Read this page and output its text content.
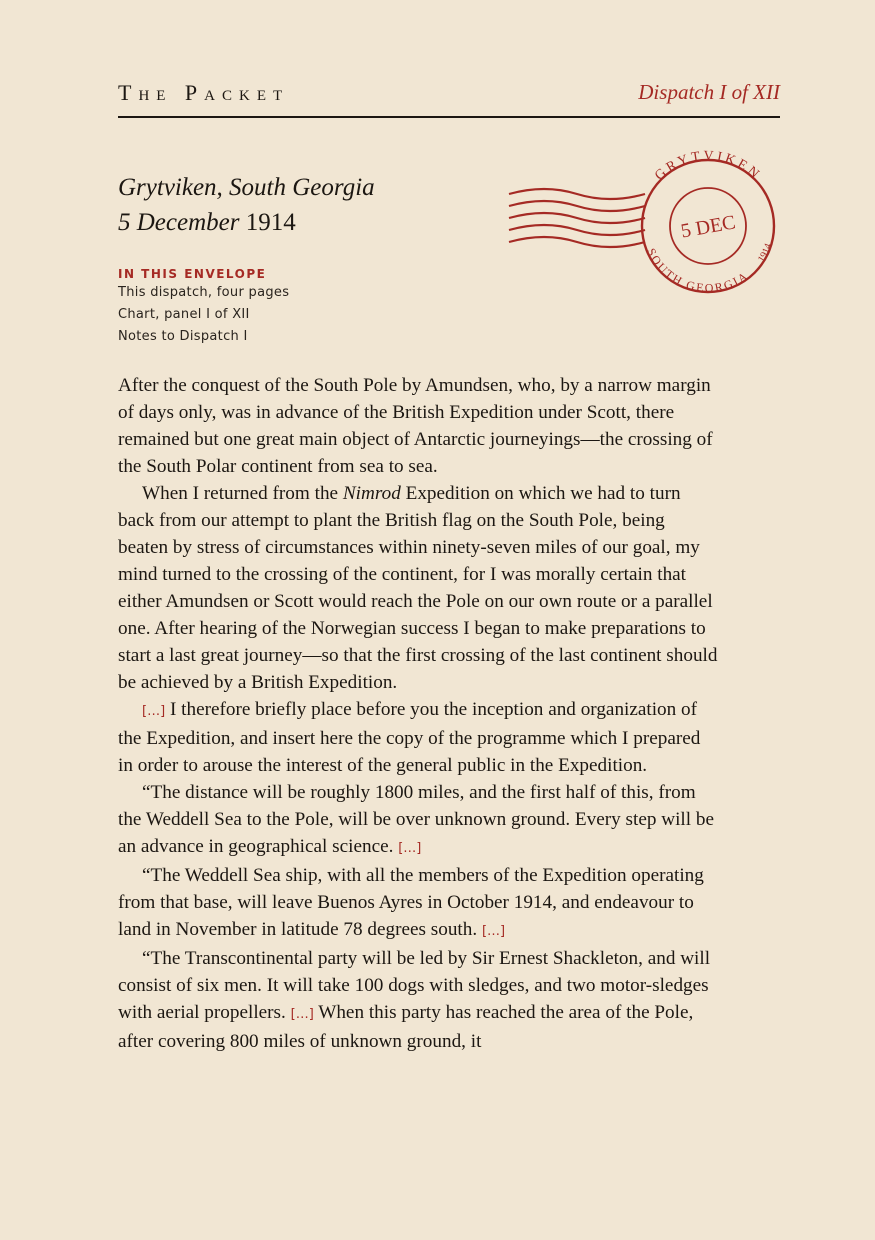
The Packet	Dispatch I of XII
Grytviken, South Georgia
5 December 1914
GRYTVIKEN
SOUTH GEORGIA
1914
5 DEC
IN THIS ENVELOPE
This dispatch, four pages
Chart, panel I of XII
Notes to Dispatch I

After the conquest of the South Pole by Amundsen, who, by a narrow margin of days only, was in advance of the British Expedition under Scott, there remained but one great main object of Antarctic journeyings—the crossing of the South Polar continent from sea to sea.

When I returned from the Nimrod Expedition on which we had to turn back from our attempt to plant the British flag on the South Pole, being beaten by stress of circumstances within ninety-seven miles of our goal, my mind turned to the crossing of the continent, for I was morally certain that either Amundsen or Scott would reach the Pole on our own route or a parallel one. After hearing of the Norwegian success I began to make preparations to start a last great journey—so that the first crossing of the last continent should be achieved by a British Expedition.

[…] I therefore briefly place before you the inception and organization of the Expedition, and insert here the copy of the programme which I prepared in order to arouse the interest of the general public in the Expedition.

“The distance will be roughly 1800 miles, and the first half of this, from the Weddell Sea to the Pole, will be over unknown ground. Every step will be an advance in geographical science. […]

“The Weddell Sea ship, with all the members of the Expedition operating from that base, will leave Buenos Ayres in October 1914, and endeavour to land in November in latitude 78 degrees south. […]

“The Transcontinental party will be led by Sir Ernest Shackleton, and will consist of six men. It will take 100 dogs with sledges, and two motor-sledges with aerial propellers. […] When this party has reached the area of the Pole, after covering 800 miles of unknown ground, it
